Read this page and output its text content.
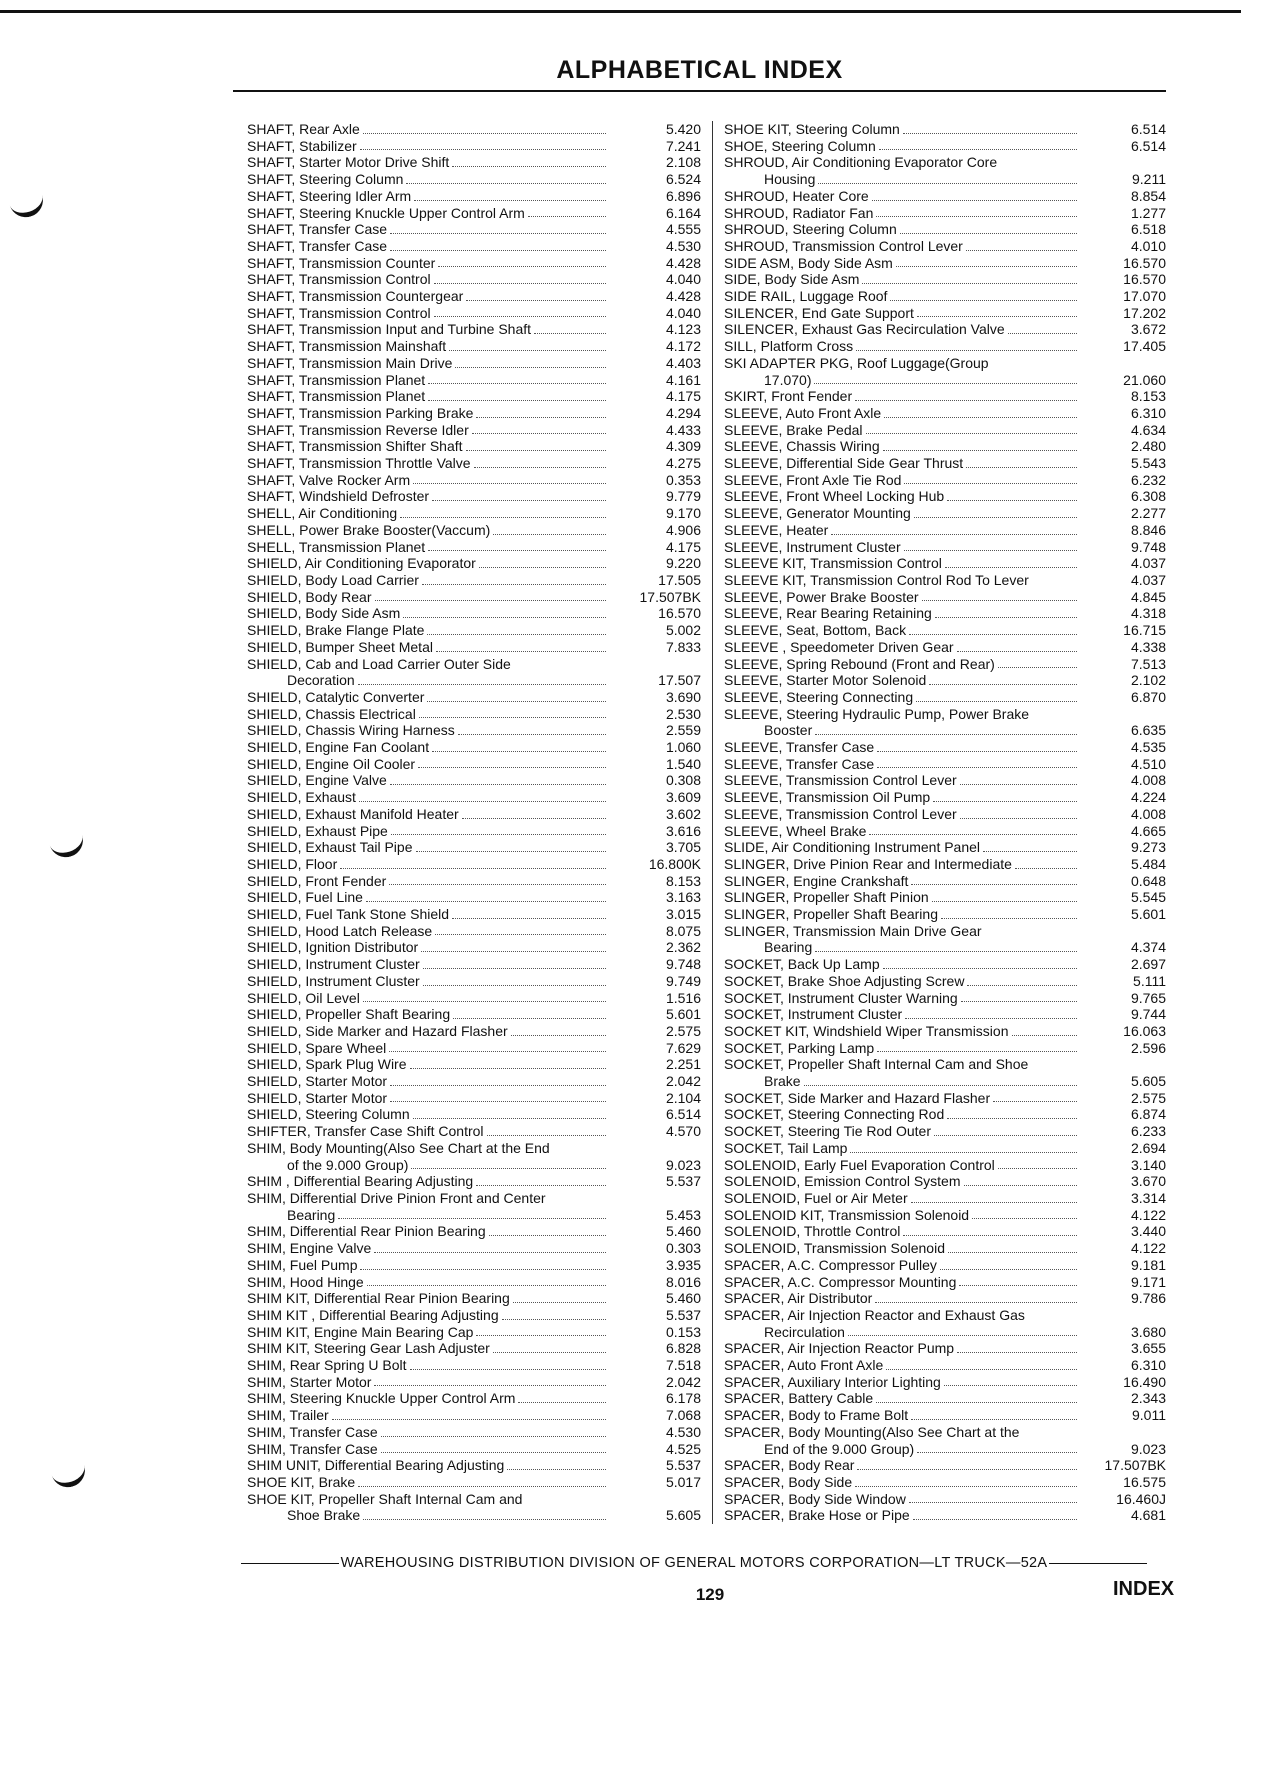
ALPHABETICAL INDEX
SHAFT, Rear Axle	5.420
SHAFT, Stabilizer	7.241
SHAFT, Starter Motor Drive Shift	2.108
SHAFT, Steering Column	6.524
SHAFT, Steering Idler Arm	6.896
SHAFT, Steering Knuckle Upper Control Arm	6.164
SHAFT, Transfer Case	4.555
SHAFT, Transfer Case	4.530
SHAFT, Transmission Counter	4.428
SHAFT, Transmission Control	4.040
SHAFT, Transmission Countergear	4.428
SHAFT, Transmission Control	4.040
SHAFT, Transmission Input and Turbine Shaft	4.123
SHAFT, Transmission Mainshaft	4.172
SHAFT, Transmission Main Drive	4.403
SHAFT, Transmission Planet	4.161
SHAFT, Transmission Planet	4.175
SHAFT, Transmission Parking Brake	4.294
SHAFT, Transmission Reverse Idler	4.433
SHAFT, Transmission Shifter Shaft	4.309
SHAFT, Transmission Throttle Valve	4.275
SHAFT, Valve Rocker Arm	0.353
SHAFT, Windshield Defroster	9.779
SHELL, Air Conditioning	9.170
SHELL, Power Brake Booster(Vaccum)	4.906
SHELL, Transmission Planet	4.175
SHIELD, Air Conditioning Evaporator	9.220
SHIELD, Body Load Carrier	17.505
SHIELD, Body Rear	17.507BK
SHIELD, Body Side Asm	16.570
SHIELD, Brake Flange Plate	5.002
SHIELD, Bumper Sheet Metal	7.833
SHIELD, Cab and Load Carrier Outer Side
Decoration	17.507
SHIELD, Catalytic Converter	3.690
SHIELD, Chassis Electrical	2.530
SHIELD, Chassis Wiring Harness	2.559
SHIELD, Engine Fan Coolant	1.060
SHIELD, Engine Oil Cooler	1.540
SHIELD, Engine Valve	0.308
SHIELD, Exhaust	3.609
SHIELD, Exhaust Manifold Heater	3.602
SHIELD, Exhaust Pipe	3.616
SHIELD, Exhaust Tail Pipe	3.705
SHIELD, Floor	16.800K
SHIELD, Front Fender	8.153
SHIELD, Fuel Line	3.163
SHIELD, Fuel Tank Stone Shield	3.015
SHIELD, Hood Latch Release	8.075
SHIELD, Ignition Distributor	2.362
SHIELD, Instrument Cluster	9.748
SHIELD, Instrument Cluster	9.749
SHIELD, Oil Level	1.516
SHIELD, Propeller Shaft Bearing	5.601
SHIELD, Side Marker and Hazard Flasher	2.575
SHIELD, Spare Wheel	7.629
SHIELD, Spark Plug Wire	2.251
SHIELD, Starter Motor	2.042
SHIELD, Starter Motor	2.104
SHIELD, Steering Column	6.514
SHIFTER, Transfer Case Shift Control	4.570
SHIM, Body Mounting(Also See Chart at the End
of the 9.000 Group)	9.023
SHIM , Differential Bearing Adjusting	5.537
SHIM, Differential Drive Pinion Front and Center
Bearing	5.453
SHIM, Differential Rear Pinion Bearing	5.460
SHIM, Engine Valve	0.303
SHIM, Fuel Pump	3.935
SHIM, Hood Hinge	8.016
SHIM KIT, Differential Rear Pinion Bearing	5.460
SHIM KIT , Differential Bearing Adjusting	5.537
SHIM KIT, Engine Main Bearing Cap	0.153
SHIM KIT, Steering Gear Lash Adjuster	6.828
SHIM, Rear Spring U Bolt	7.518
SHIM, Starter Motor	2.042
SHIM, Steering Knuckle Upper Control Arm	6.178
SHIM, Trailer	7.068
SHIM, Transfer Case	4.530
SHIM, Transfer Case	4.525
SHIM UNIT, Differential Bearing Adjusting	5.537
SHOE KIT, Brake	5.017
SHOE KIT, Propeller Shaft Internal Cam and
Shoe Brake	5.605
SHOE KIT, Steering Column	6.514
SHOE, Steering Column	6.514
SHROUD, Air Conditioning Evaporator Core
Housing	9.211
SHROUD, Heater Core	8.854
SHROUD, Radiator Fan	1.277
SHROUD, Steering Column	6.518
SHROUD, Transmission Control Lever	4.010
SIDE ASM, Body Side Asm	16.570
SIDE, Body Side Asm	16.570
SIDE RAIL, Luggage Roof	17.070
SILENCER, End Gate Support	17.202
SILENCER, Exhaust Gas Recirculation Valve	3.672
SILL, Platform Cross	17.405
SKI ADAPTER PKG, Roof Luggage(Group
17.070)	21.060
SKIRT, Front Fender	8.153
SLEEVE, Auto Front Axle	6.310
SLEEVE, Brake Pedal	4.634
SLEEVE, Chassis Wiring	2.480
SLEEVE, Differential Side Gear Thrust	5.543
SLEEVE, Front Axle Tie Rod	6.232
SLEEVE, Front Wheel Locking Hub	6.308
SLEEVE, Generator Mounting	2.277
SLEEVE, Heater	8.846
SLEEVE, Instrument Cluster	9.748
SLEEVE KIT, Transmission Control	4.037
SLEEVE KIT, Transmission Control Rod To Lever	4.037
SLEEVE, Power Brake Booster	4.845
SLEEVE, Rear Bearing Retaining	4.318
SLEEVE, Seat, Bottom, Back	16.715
SLEEVE , Speedometer Driven Gear	4.338
SLEEVE, Spring Rebound (Front and Rear)	7.513
SLEEVE, Starter Motor Solenoid	2.102
SLEEVE, Steering Connecting	6.870
SLEEVE, Steering Hydraulic Pump, Power Brake
Booster	6.635
SLEEVE, Transfer Case	4.535
SLEEVE, Transfer Case	4.510
SLEEVE, Transmission Control Lever	4.008
SLEEVE, Transmission Oil Pump	4.224
SLEEVE, Transmission Control Lever	4.008
SLEEVE, Wheel Brake	4.665
SLIDE, Air Conditioning Instrument Panel	9.273
SLINGER, Drive Pinion Rear and Intermediate	5.484
SLINGER, Engine Crankshaft	0.648
SLINGER, Propeller Shaft Pinion	5.545
SLINGER, Propeller Shaft Bearing	5.601
SLINGER, Transmission Main Drive Gear
Bearing	4.374
SOCKET, Back Up Lamp	2.697
SOCKET, Brake Shoe Adjusting Screw	5.111
SOCKET, Instrument Cluster Warning	9.765
SOCKET, Instrument Cluster	9.744
SOCKET KIT, Windshield Wiper Transmission	16.063
SOCKET, Parking Lamp	2.596
SOCKET, Propeller Shaft Internal Cam and Shoe
Brake	5.605
SOCKET, Side Marker and Hazard Flasher	2.575
SOCKET, Steering Connecting Rod	6.874
SOCKET, Steering Tie Rod Outer	6.233
SOCKET, Tail Lamp	2.694
SOLENOID, Early Fuel Evaporation Control	3.140
SOLENOID, Emission Control System	3.670
SOLENOID, Fuel or Air Meter	3.314
SOLENOID KIT, Transmission Solenoid	4.122
SOLENOID, Throttle Control	3.440
SOLENOID, Transmission Solenoid	4.122
SPACER, A.C. Compressor Pulley	9.181
SPACER, A.C. Compressor Mounting	9.171
SPACER, Air Distributor	9.786
SPACER, Air Injection Reactor and Exhaust Gas
Recirculation	3.680
SPACER, Air Injection Reactor Pump	3.655
SPACER, Auto Front Axle	6.310
SPACER, Auxiliary Interior Lighting	16.490
SPACER, Battery Cable	2.343
SPACER, Body to Frame Bolt	9.011
SPACER, Body Mounting(Also See Chart at the
End of the 9.000 Group)	9.023
SPACER, Body Rear	17.507BK
SPACER, Body Side	16.575
SPACER, Body Side Window	16.460J
SPACER, Brake Hose or Pipe	4.681
WAREHOUSING DISTRIBUTION DIVISION OF GENERAL MOTORS CORPORATION—LT TRUCK—52A
129	INDEX
